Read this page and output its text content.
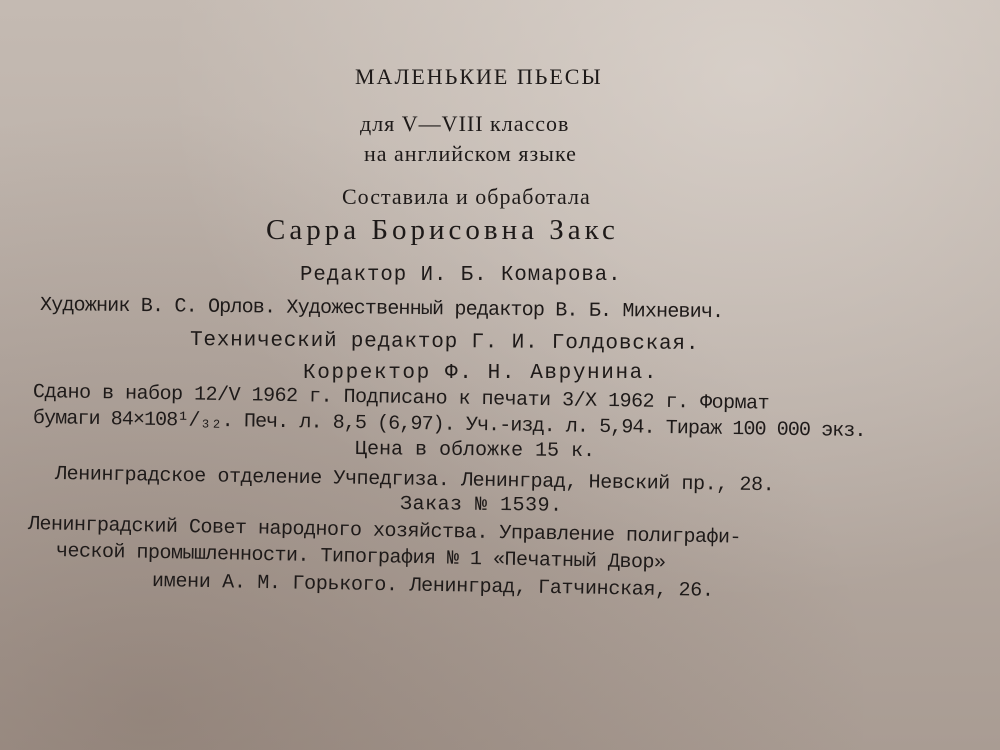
МАЛЕНЬКИЕ ПЬЕСЫ
для V—VIII классов
на английском языке
Составила и обработала
Сарра Борисовна Закс
Редактор И. Б. Комарова.
Художник В. С. Орлов. Художественный редактор В. Б. Михневич.
Технический редактор Г. И. Голдовская.
Корректор Ф. Н. Аврунина.
Сдано в набор 12/V 1962 г. Подписано к печати 3/X 1962 г. Формат
бумаги 84×108¹/₃₂. Печ. л. 8,5 (6,97). Уч.-изд. л. 5,94. Тираж 100 000 экз.
Цена в обложке 15 к.
Ленинградское отделение Учпедгиза. Ленинград, Невский пр., 28.
Заказ № 1539.
Ленинградский Совет народного хозяйства. Управление полиграфи-
ческой промышленности. Типография № 1 «Печатный Двор»
имени А. М. Горького. Ленинград, Гатчинская, 26.
